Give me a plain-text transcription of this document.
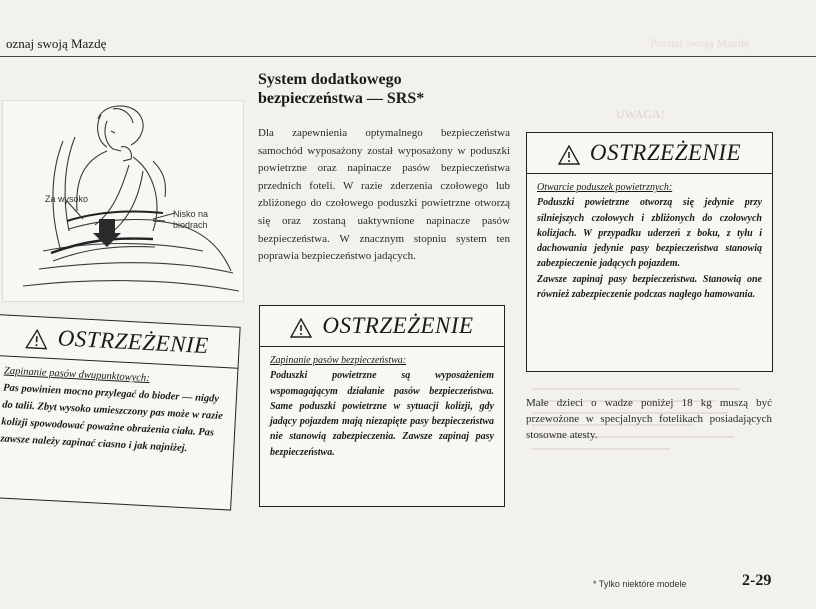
oznaj swoją Mazdę	Poznaj swoją Mazdę
Za wysoko
Nisko na biodrach
OSTRZEŻENIE

Zapinanie pasów dwupunktowych:

Pas powinien mocno przylegać do bioder — nigdy do talii. Zbyt wysoko umieszczony pas może w razie kolizji spowodować poważne obrażenia ciała. Pas zawsze należy zapinać ciasno i jak najniżej.

System dodatkowego bezpieczeństwa — SRS*
Dla zapewnienia optymalnego bezpieczeństwa samochód wyposażony został wyposażony w poduszki powietrzne oraz napinacze pasów bezpieczeństwa przednich foteli. W razie zderzenia czołowego lub zbliżonego do czołowego poduszki powietrzne otworzą się oraz zostaną uaktywnione napinacze pasów bezpieczeństwa. W znacznym stopniu system ten poprawia bezpieczeństwo jadących.
OSTRZEŻENIE

Zapinanie pasów bezpieczeństwa:

Poduszki powietrzne są wyposażeniem wspomagającym działanie pasów bezpieczeństwa. Same poduszki powietrzne w sytuacji kolizji, gdy jadący pojazdem mają niezapięte pasy bezpieczeństwa nie stanowią zabezpieczenia. Zawsze zapinaj pasy bezpieczeństwa.

OSTRZEŻENIE

Otwarcie poduszek powietrznych:

Poduszki powietrzne otworzą się jedynie przy silniejszych czołowych i zbliżonych do czołowych kolizjach. W przypadku uderzeń z boku, z tyłu i dachowania jedynie pasy bezpieczeństwa stanowią zabezpieczenie jadących pojazdem.

Zawsze zapinaj pasy bezpieczeństwa. Stanowią one również zabezpieczenie podczas nagłego hamowania.

UWAGA!
Małe dzieci o wadze poniżej 18 kg muszą być przewożone w specjalnych fotelikach posiadających stosowne atesty.
* Tylko niektóre modele	2-29
